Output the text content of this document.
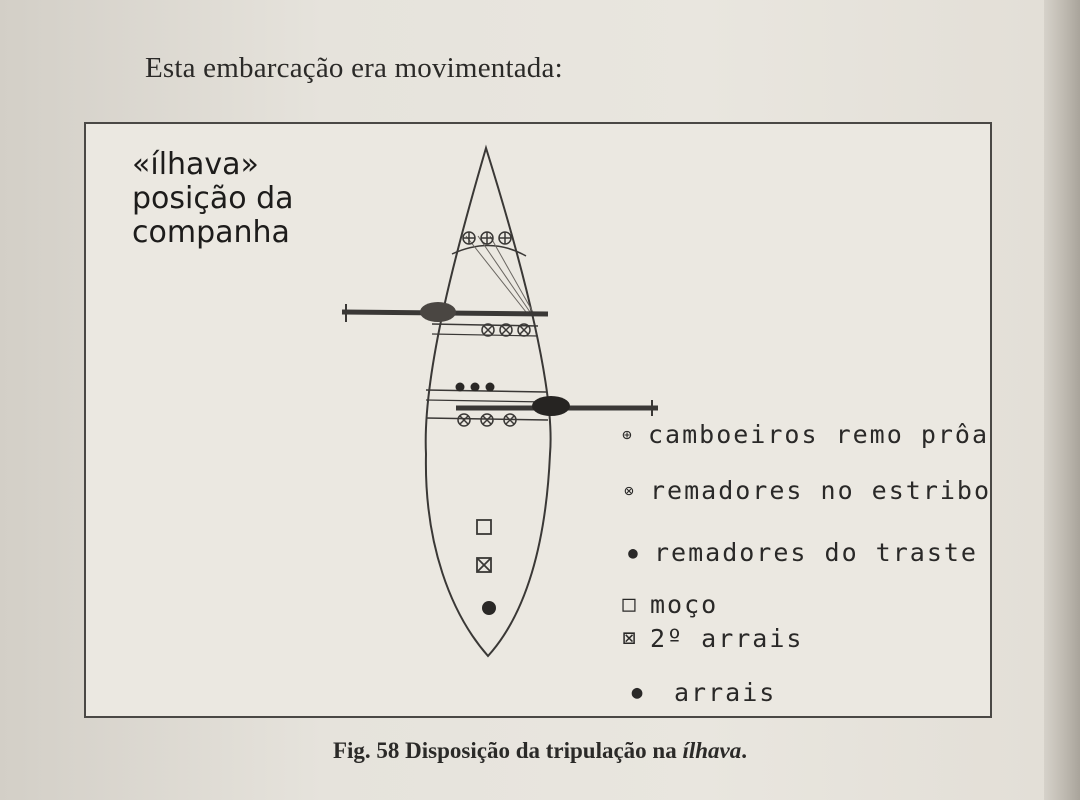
Esta embarcação era movimentada:
«ílhava»
posição da
companha
⊕ camboeiros remo prôa
⊗ remadores no estribo
● remadores do traste
□ moço
⊠ 2º arrais
●	arrais
Fig. 58 Disposição da tripulação na ílhava.
